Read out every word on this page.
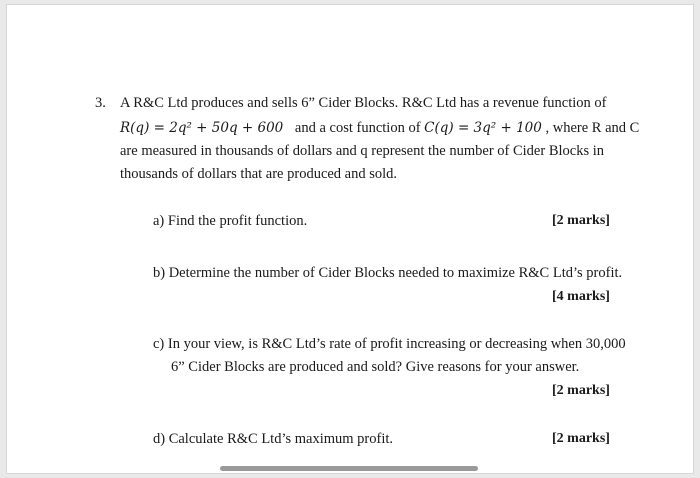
3. A R&C Ltd produces and sells 6” Cider Blocks. R&C Ltd has a revenue function of
R(q) = 2q² + 50q + 600 and a cost function of C(q) = 3q² + 100 , where R and C
are measured in thousands of dollars and q represent the number of Cider Blocks in
thousands of dollars that are produced and sold.
a) Find the profit function.	[2 marks]
b) Determine the number of Cider Blocks needed to maximize R&C Ltd’s profit.
[4 marks]
c) In your view, is R&C Ltd’s rate of profit increasing or decreasing when 30,000
6” Cider Blocks are produced and sold? Give reasons for your answer.
[2 marks]
d) Calculate R&C Ltd’s maximum profit.	[2 marks]
